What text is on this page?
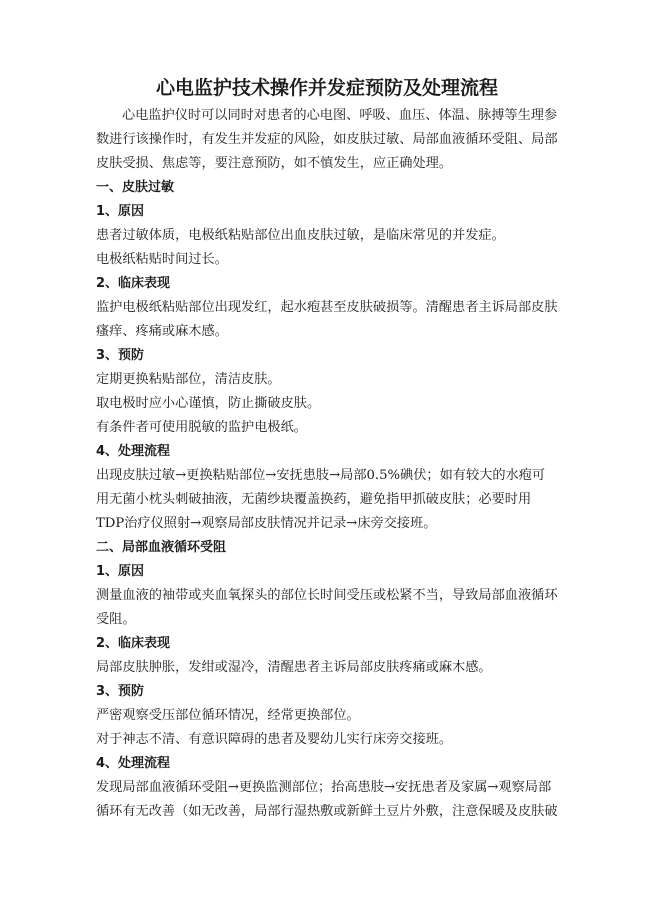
心电监护技术操作并发症预防及处理流程

心电监护仪时可以同时对患者的心电图、呼吸、血压、体温、脉搏等生理参数进行该操作时，有发生并发症的风险，如皮肤过敏、局部血液循环受阻、局部皮肤受损、焦虑等，要注意预防，如不慎发生，应正确处理。

一、皮肤过敏
1、原因

患者过敏体质，电极纸粘贴部位出血皮肤过敏，是临床常见的并发症。

电极纸粘贴时间过长。

2、临床表现

监护电极纸粘贴部位出现发红，起水疱甚至皮肤破损等。清醒患者主诉局部皮肤瘙痒、疼痛或麻木感。

3、预防

定期更换粘贴部位，清洁皮肤。

取电极时应小心谨慎，防止撕破皮肤。

有条件者可使用脱敏的监护电极纸。

4、处理流程

出现皮肤过敏→更换粘贴部位→安抚患肢→局部0.5%碘伏；如有较大的水疱可用无菌小枕头刺破抽液，无菌纱块覆盖换药，避免指甲抓破皮肤；必要时用TDP治疗仪照射→观察局部皮肤情况并记录→床旁交接班。

二、局部血液循环受阻
1、原因

测量血液的袖带或夹血氧探头的部位长时间受压或松紧不当，导致局部血液循环受阻。

2、临床表现

局部皮肤肿胀，发绀或湿冷，清醒患者主诉局部皮肤疼痛或麻木感。

3、预防

严密观察受压部位循环情况，经常更换部位。

对于神志不清、有意识障碍的患者及婴幼儿实行床旁交接班。

4、处理流程

发现局部血液循环受阻→更换监测部位；抬高患肢→安抚患者及家属→观察局部循环有无改善（如无改善，局部行湿热敷或新鲜土豆片外敷，注意保暖及皮肤破
